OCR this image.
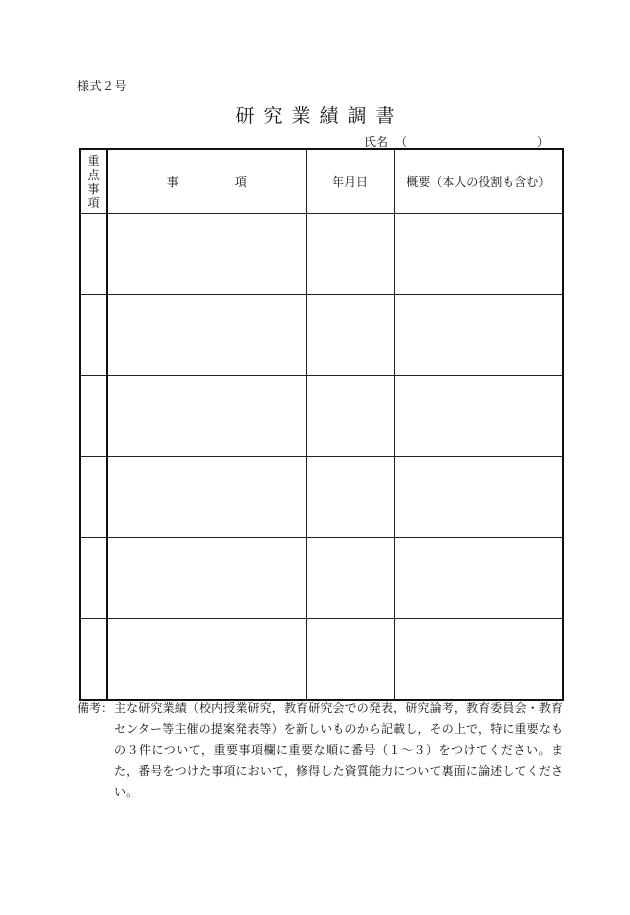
様式２号
研究業績調書
氏名 （	）
重点事項	事　項	年月日	概要（本人の役割も含む）

備考： 主な研究業績（校内授業研究，教育研究会での発表，研究論考，教育委員会・教育センター等主催の提案発表等）を新しいものから記載し，その上で，特に重要なもの３件について，重要事項欄に重要な順に番号（１～３）をつけてください。また，番号をつけた事項において，修得した資質能力について裏面に論述してください。
